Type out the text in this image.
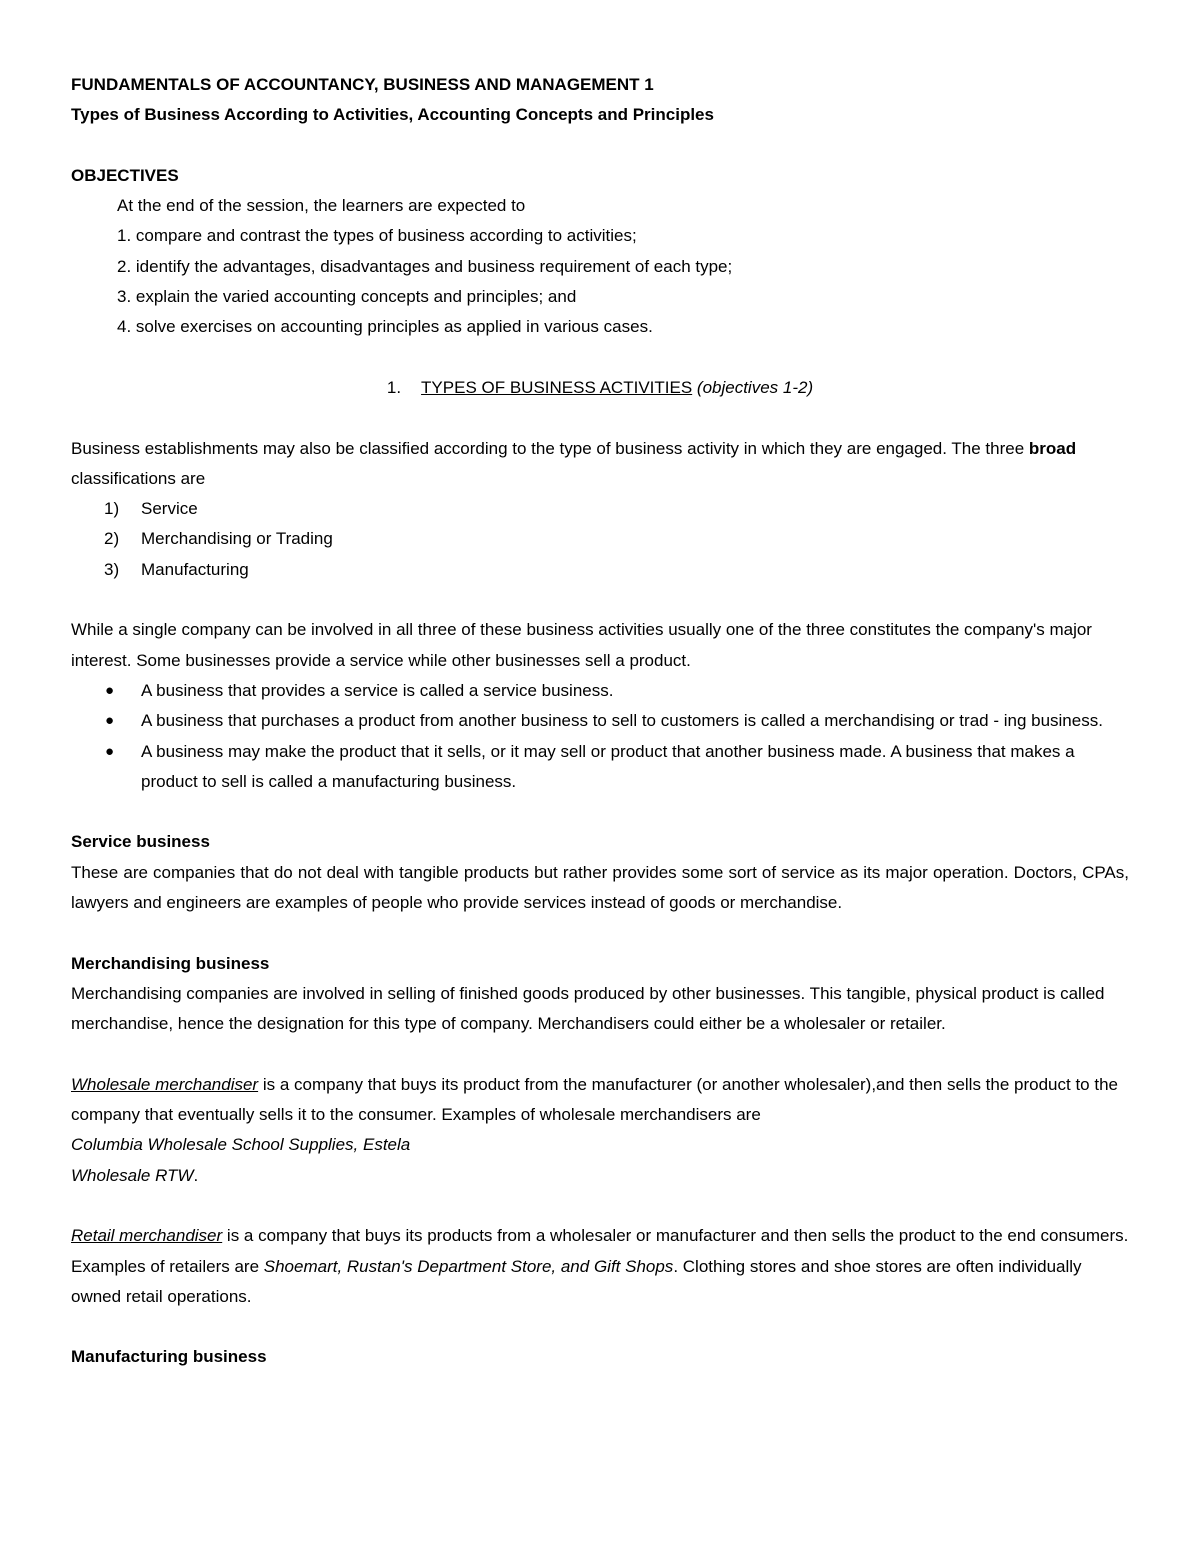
FUNDAMENTALS OF ACCOUNTANCY, BUSINESS AND MANAGEMENT 1
Types of Business According to Activities, Accounting Concepts and Principles
OBJECTIVES
At the end of the session, the learners are expected to
1. compare and contrast the types of business according to activities;
2. identify the advantages, disadvantages and business requirement of each type;
3. explain the varied accounting concepts and principles; and
4. solve exercises on accounting principles as applied in various cases.
1. TYPES OF BUSINESS ACTIVITIES (objectives 1-2)

Business establishments may also be classified according to the type of business activity in which they are engaged. The three broad classifications are

1) Service
2) Merchandising or Trading
3) Manufacturing

While a single company can be involved in all three of these business activities usually one of the three constitutes the company's major interest. Some businesses provide a service while other businesses sell a product.

● A business that provides a service is called a service business.
● A business that purchases a product from another business to sell to customers is called a merchandising or trad - ing business.
● A business may make the product that it sells, or it may sell or product that another business made. A business that makes a product to sell is called a manufacturing business.
Service business

These are companies that do not deal with tangible products but rather provides some sort of service as its major operation. Doctors, CPAs, lawyers and engineers are examples of people who provide services instead of goods or merchandise.

Merchandising business

Merchandising companies are involved in selling of finished goods produced by other businesses. This tangible, physical product is called merchandise, hence the designation for this type of company. Merchandisers could either be a wholesaler or retailer.

Wholesale merchandiser is a company that buys its product from the manufacturer (or another wholesaler),and then sells the product to the company that eventually sells it to the consumer. Examples of wholesale merchandisers are

Columbia Wholesale School Supplies, Estela
Wholesale RTW.

Retail merchandiser is a company that buys its products from a wholesaler or manufacturer and then sells the product to the end consumers. Examples of retailers are Shoemart, Rustan's Department Store, and Gift Shops. Clothing stores and shoe stores are often individually owned retail operations.

Manufacturing business
